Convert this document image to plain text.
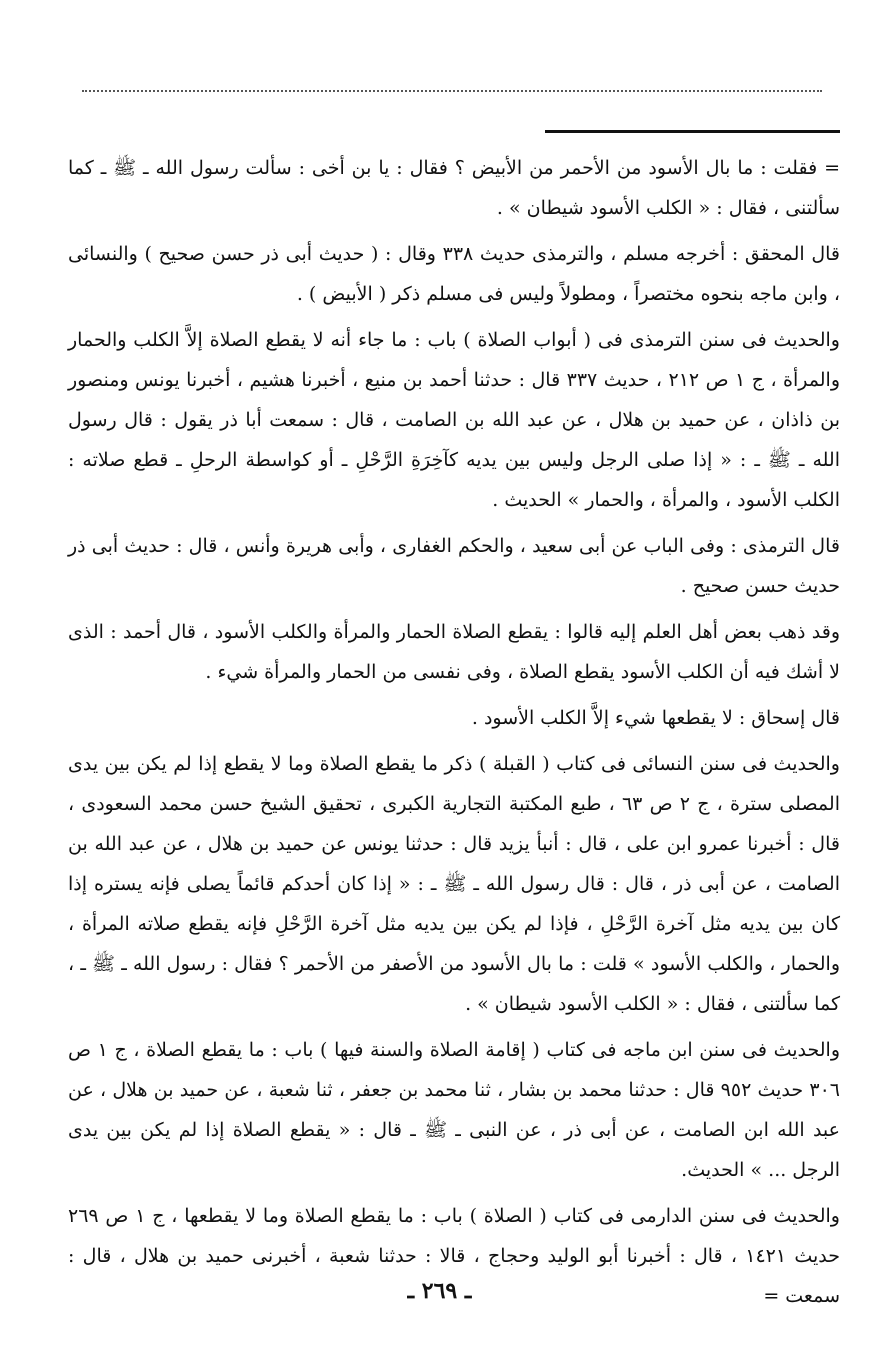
= فقلت : ما بال الأسود من الأحمر من الأبيض ؟ فقال : يا بن أخى : سألت رسول الله ـ ﷺ ـ كما سألتنى ، فقال : « الكلب الأسود شيطان » .

قال المحقق : أخرجه مسلم ، والترمذى حديث ٣٣٨ وقال : ( حديث أبى ذر حسن صحيح ) والنسائى ، وابن ماجه بنحوه مختصراً ، ومطولاً وليس فى مسلم ذكر ( الأبيض ) .

والحديث فى سنن الترمذى فى ( أبواب الصلاة ) باب : ما جاء أنه لا يقطع الصلاة إلاَّ الكلب والحمار والمرأة ، ج ١ ص ٢١٢ ، حديث ٣٣٧ قال : حدثنا أحمد بن منيع ، أخبرنا هشيم ، أخبرنا يونس ومنصور بن ذاذان ، عن حميد بن هلال ، عن عبد الله بن الصامت ، قال : سمعت أبا ذر يقول : قال رسول الله ـ ﷺ ـ : « إذا صلى الرجل وليس بين يديه كآخِرَةِ الرَّحْلِ ـ أو كواسطة الرحلِ ـ قطع صلاته : الكلب الأسود ، والمرأة ، والحمار » الحديث .

قال الترمذى : وفى الباب عن أبى سعيد ، والحكم الغفارى ، وأبى هريرة وأنس ، قال : حديث أبى ذر حديث حسن صحيح .

وقد ذهب بعض أهل العلم إليه قالوا : يقطع الصلاة الحمار والمرأة والكلب الأسود ، قال أحمد : الذى لا أشك فيه أن الكلب الأسود يقطع الصلاة ، وفى نفسى من الحمار والمرأة شيء .

قال إسحاق : لا يقطعها شيء إلاَّ الكلب الأسود .

والحديث فى سنن النسائى فى كتاب ( القبلة ) ذكر ما يقطع الصلاة وما لا يقطع إذا لم يكن بين يدى المصلى سترة ، ج ٢ ص ٦٣ ، طبع المكتبة التجارية الكبرى ، تحقيق الشيخ حسن محمد السعودى ، قال : أخبرنا عمرو ابن على ، قال : أنبأ يزيد قال : حدثنا يونس عن حميد بن هلال ، عن عبد الله بن الصامت ، عن أبى ذر ، قال : قال رسول الله ـ ﷺ ـ : « إذا كان أحدكم قائماً يصلى فإنه يستره إذا كان بين يديه مثل آخرة الرَّحْلِ ، فإذا لم يكن بين يديه مثل آخرة الرَّحْلِ فإنه يقطع صلاته المرأة ، والحمار ، والكلب الأسود » قلت : ما بال الأسود من الأصفر من الأحمر ؟ فقال : رسول الله ـ ﷺ ـ ، كما سألتنى ، فقال : « الكلب الأسود شيطان » .

والحديث فى سنن ابن ماجه فى كتاب ( إقامة الصلاة والسنة فيها ) باب : ما يقطع الصلاة ، ج ١ ص ٣٠٦ حديث ٩٥٢ قال : حدثنا محمد بن بشار ، ثنا محمد بن جعفر ، ثنا شعبة ، عن حميد بن هلال ، عن عبد الله ابن الصامت ، عن أبى ذر ، عن النبى ـ ﷺ ـ قال : « يقطع الصلاة إذا لم يكن بين يدى الرجل ... » الحديث.

والحديث فى سنن الدارمى فى كتاب ( الصلاة ) باب : ما يقطع الصلاة وما لا يقطعها ، ج ١ ص ٢٦٩ حديث ١٤٢١ ، قال : أخبرنا أبو الوليد وحجاج ، قالا : حدثنا شعبة ، أخبرنى حميد بن هلال ، قال : سمعت =

ـ ٢٦٩ ـ
